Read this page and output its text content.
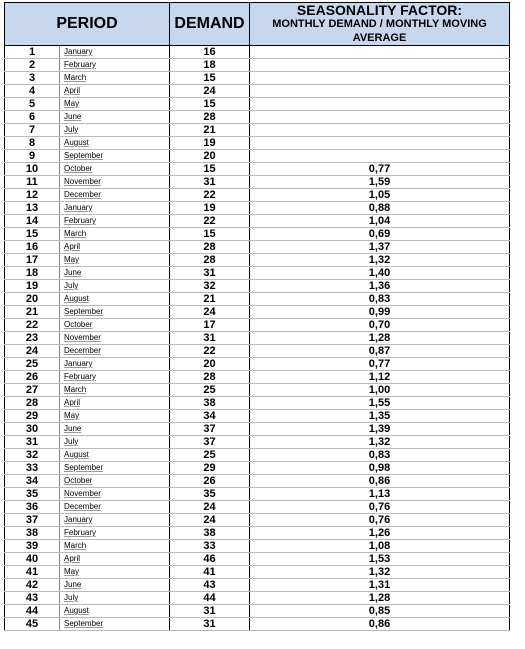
PERIOD		DEMAND	SEASONALITY FACTOR:
MONTHLY DEMAND / MONTHLY MOVING AVERAGE

1	January	16	
2	February	18	
3	March	15	
4	April	24	
5	May	15	
6	June	28	
7	July	21	
8	August	19	
9	September	20	
10	October	15	0,77
11	November	31	1,59
12	December	22	1,05
13	January	19	0,88
14	February	22	1,04
15	March	15	0,69
16	April	28	1,37
17	May	28	1,32
18	June	31	1,40
19	July	32	1,36
20	August	21	0,83
21	September	24	0,99
22	October	17	0,70
23	November	31	1,28
24	December	22	0,87
25	January	20	0,77
26	February	28	1,12
27	March	25	1,00
28	April	38	1,55
29	May	34	1,35
30	June	37	1,39
31	July	37	1,32
32	August	25	0,83
33	September	29	0,98
34	October	26	0,86
35	November	35	1,13
36	December	24	0,76
37	January	24	0,76
38	February	38	1,26
39	March	33	1,08
40	April	46	1,53
41	May	41	1,32
42	June	43	1,31
43	July	44	1,28
44	August	31	0,85
45	September	31	0,86
